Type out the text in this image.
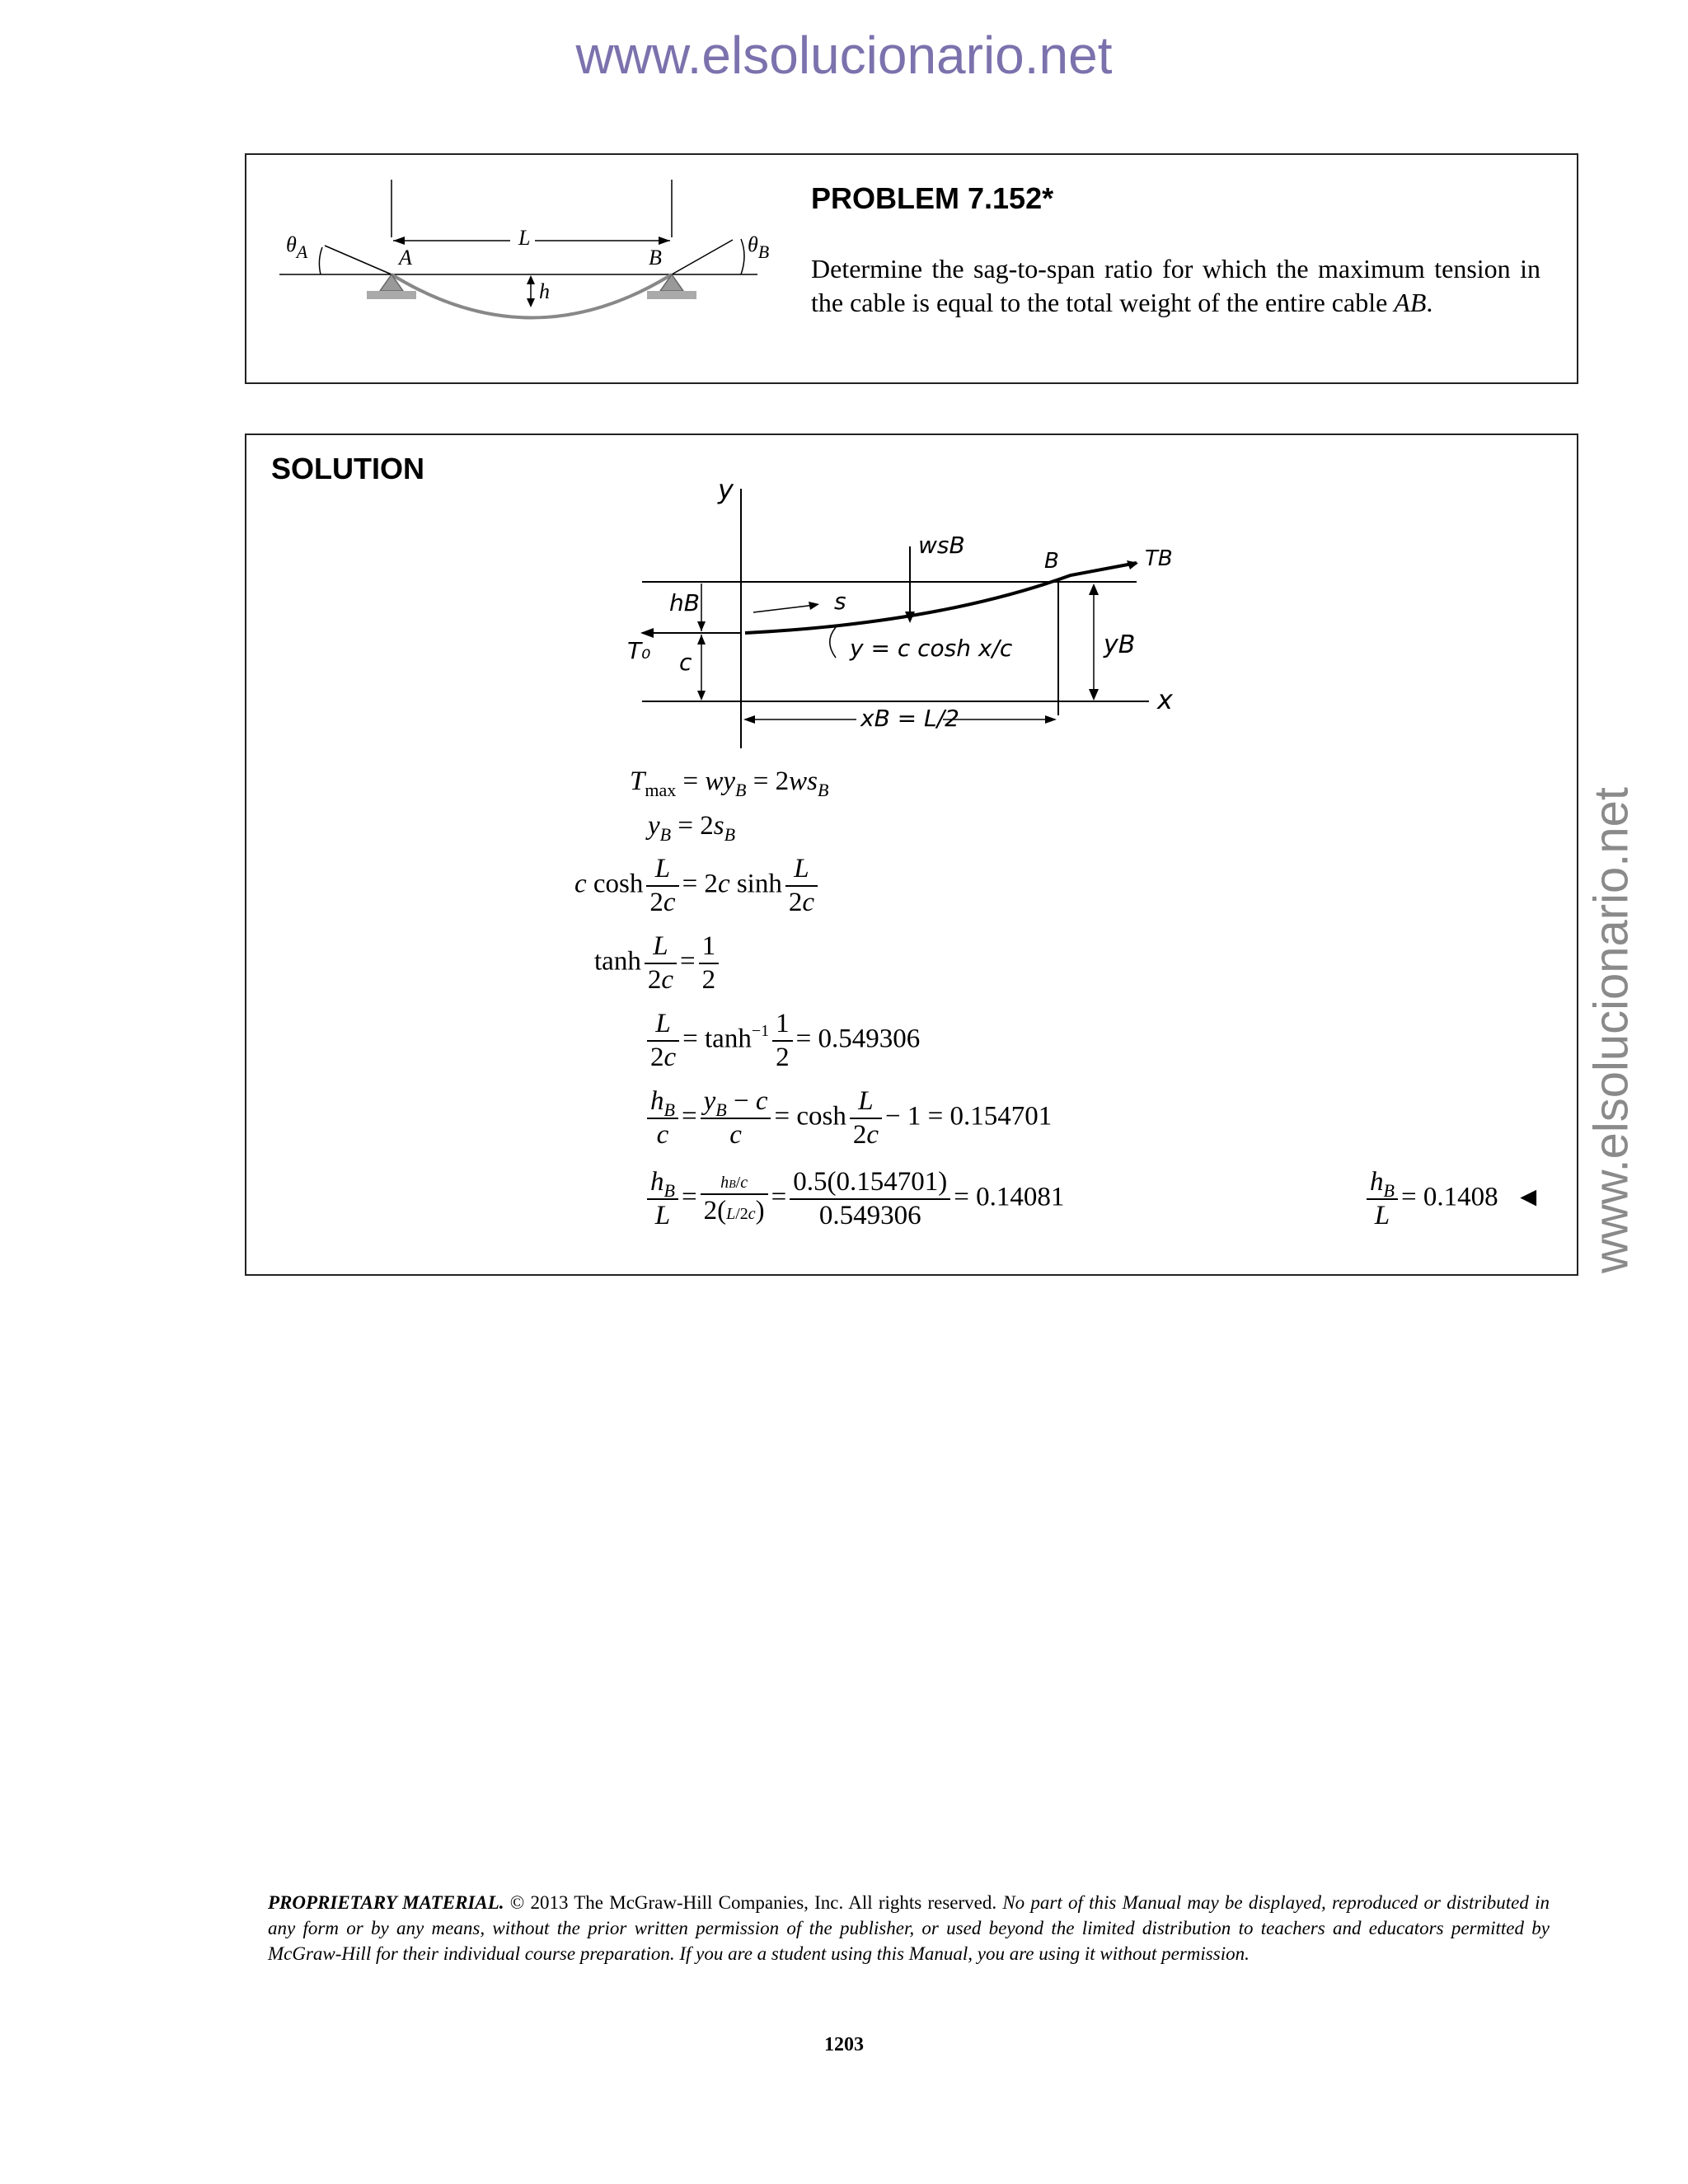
www.elsolucionario.net
www.elsolucionario.net
$\theta_A$	$\theta_B$
A	B
L
h
PROBLEM 7.152*
Determine the sag-to-span ratio for which the maximum tension in the cable is equal to the total weight of the entire cable AB.
SOLUTION
y
x
hB
c
T₀
s
wsB
B	TB
yB
y = c cosh x/c
xB = L/2
$T_{max} = wy_B = 2ws_B$
$y_B = 2s_B$
c $\cosh \frac{L}{2c} = 2c$ $\sinh \frac{L}{2c}$
$\tanh \frac{L}{2c} = \frac{1}{2}$
$\frac{L}{2c} = \tanh^{-1} \frac{1}{2} = 0.549306$
$\frac{h_B}{c} = \frac{y_B - c}{c} = \cosh \frac{L}{2c} - 1 = 0.154701$
$\frac{h_B}{L} = \frac{hB/c}{2(L/2c)} = \frac{0.5(0.154701)}{0.549306} = 0.14081$	$\frac{h_B}{L} = 0.1408$ ◄
PROPRIETARY MATERIAL. © 2013 The McGraw-Hill Companies, Inc. All rights reserved. No part of this Manual may be displayed, reproduced or distributed in any form or by any means, without the prior written permission of the publisher, or used beyond the limited distribution to teachers and educators permitted by McGraw-Hill for their individual course preparation. If you are a student using this Manual, you are using it without permission.
1203
